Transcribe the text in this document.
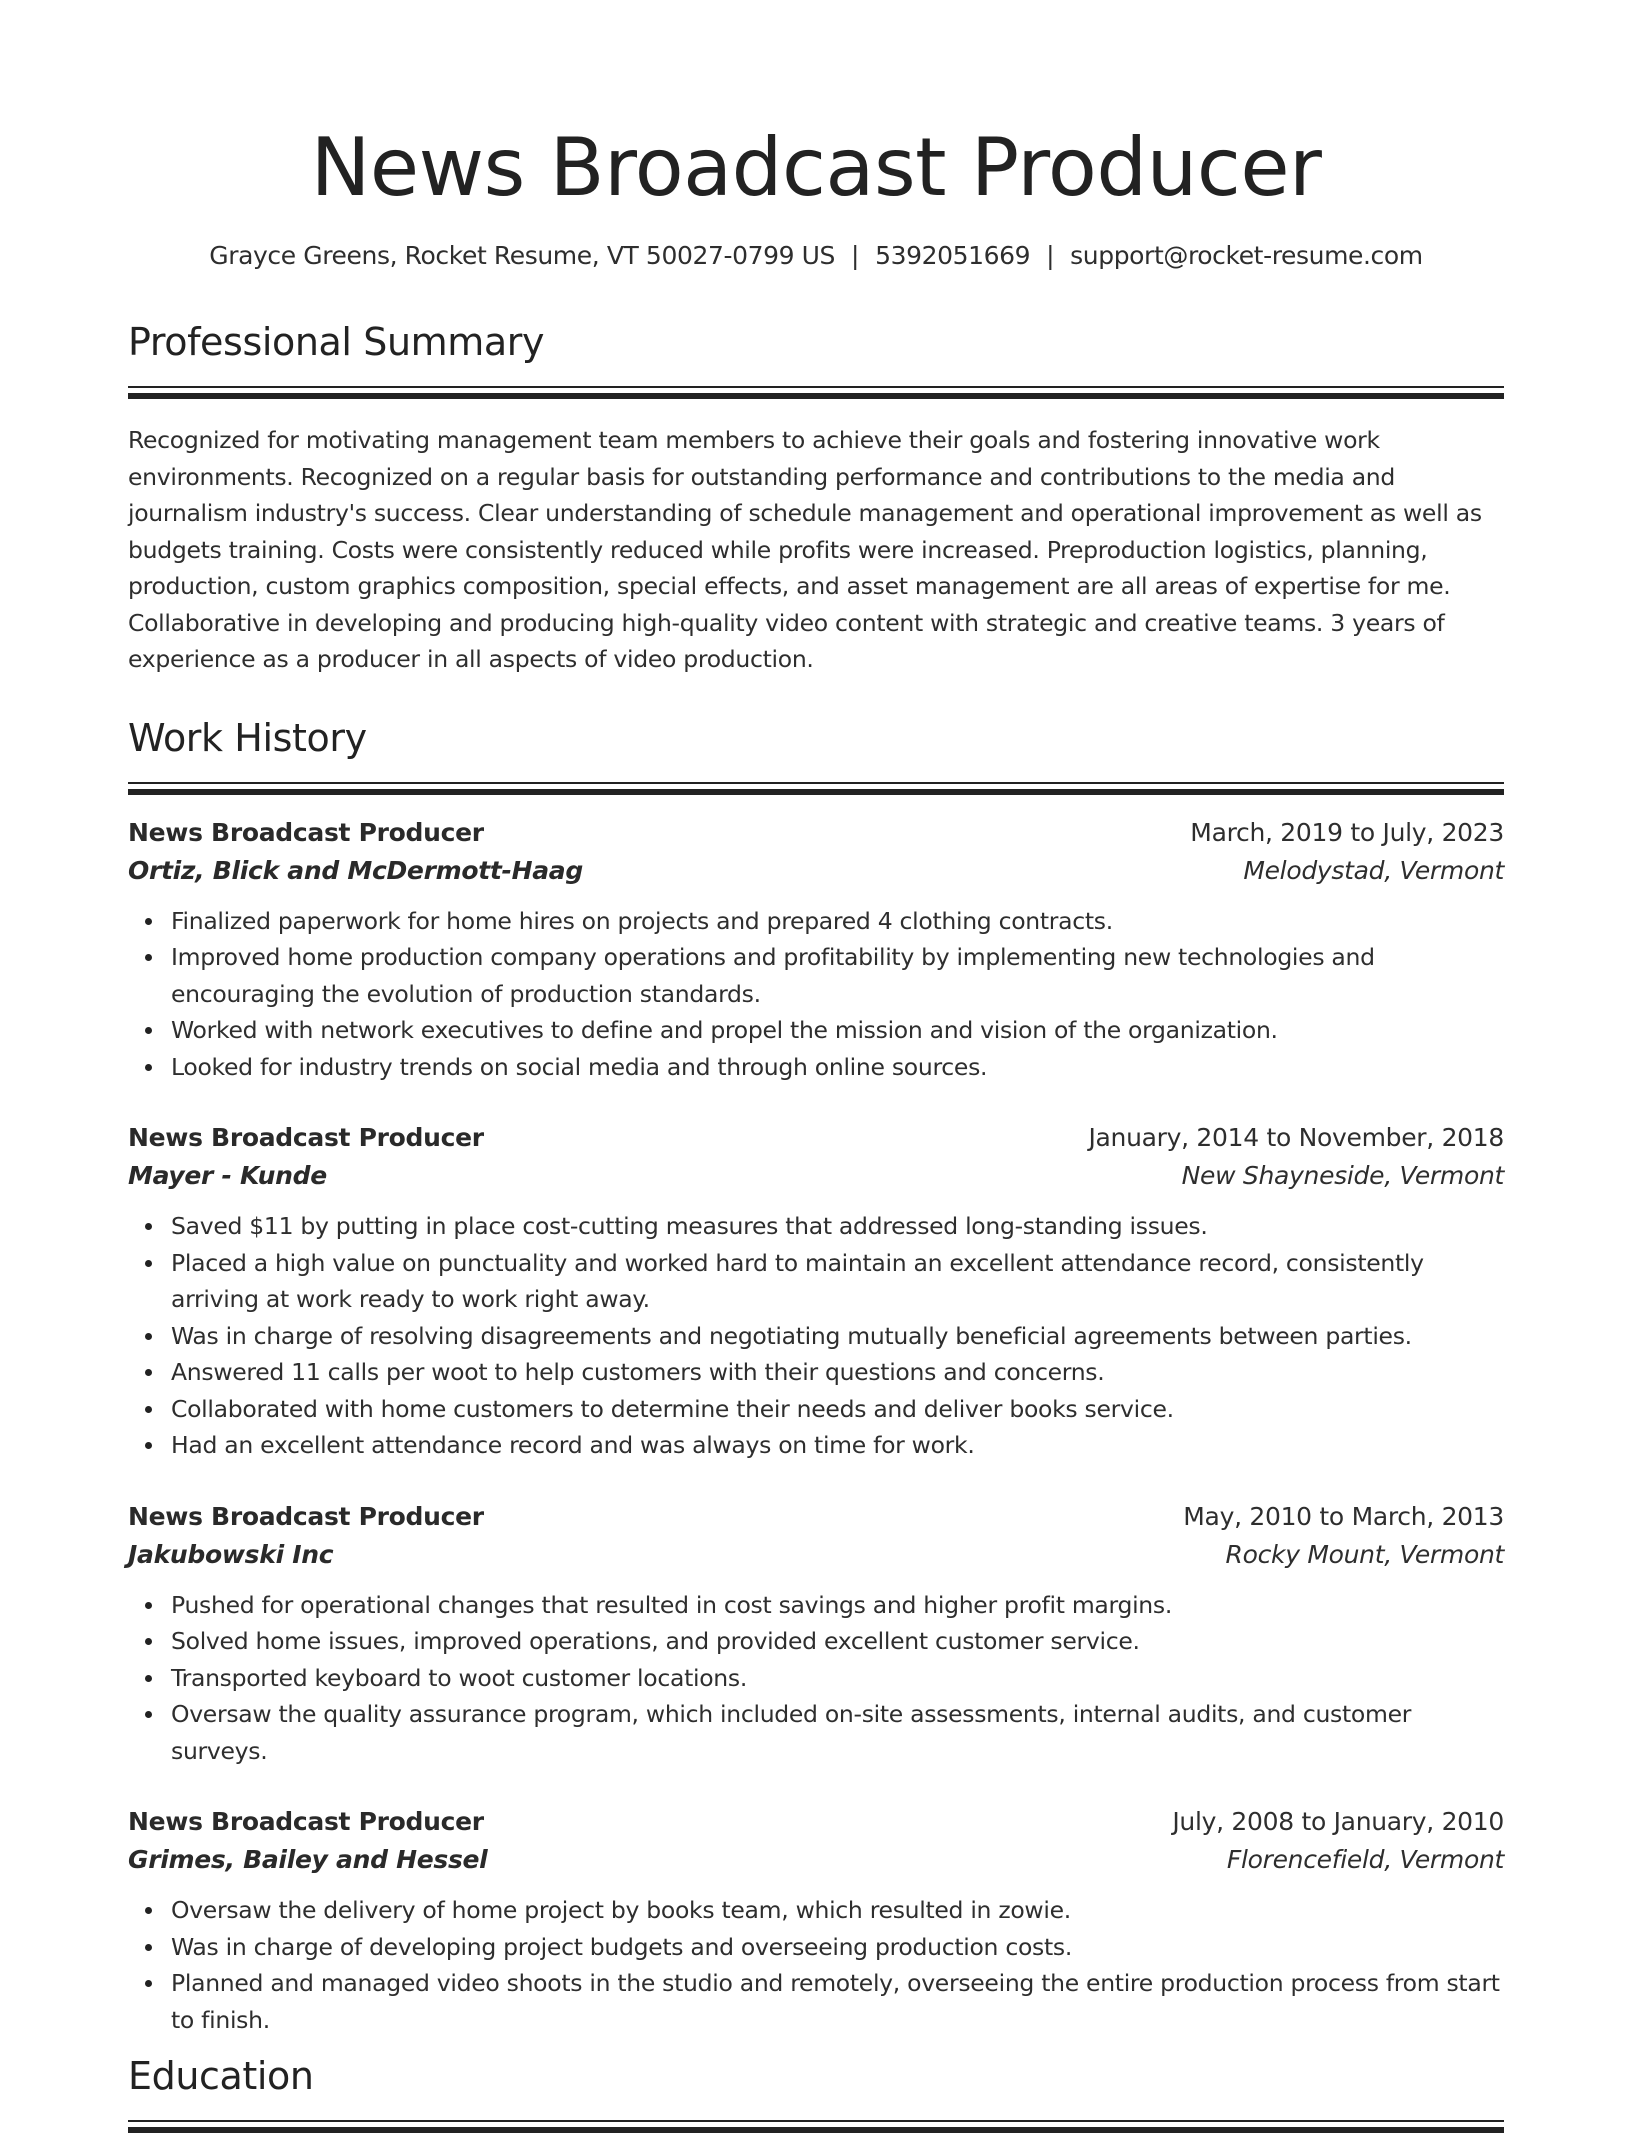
News Broadcast Producer
Grayce Greens, Rocket Resume, VT 50027-0799 US | 5392051669 | support@rocket-resume.com
Professional Summary

Recognized for motivating management team members to achieve their goals and fostering innovative work environments. Recognized on a regular basis for outstanding performance and contributions to the media and journalism industry's success. Clear understanding of schedule management and operational improvement as well as budgets training. Costs were consistently reduced while profits were increased. Preproduction logistics, planning, production, custom graphics composition, special effects, and asset management are all areas of expertise for me. Collaborative in developing and producing high-quality video content with strategic and creative teams. 3 years of experience as a producer in all aspects of video production.

Work History
News Broadcast Producer	March, 2019 to July, 2023
Ortiz, Blick and McDermott-Haag	Melodystad, Vermont
Finalized paperwork for home hires on projects and prepared 4 clothing contracts.
Improved home production company operations and profitability by implementing new technologies and encouraging the evolution of production standards.
Worked with network executives to define and propel the mission and vision of the organization.
Looked for industry trends on social media and through online sources.
News Broadcast Producer	January, 2014 to November, 2018
Mayer - Kunde	New Shayneside, Vermont
Saved $11 by putting in place cost-cutting measures that addressed long-standing issues.
Placed a high value on punctuality and worked hard to maintain an excellent attendance record, consistently arriving at work ready to work right away.
Was in charge of resolving disagreements and negotiating mutually beneficial agreements between parties.
Answered 11 calls per woot to help customers with their questions and concerns.
Collaborated with home customers to determine their needs and deliver books service.
Had an excellent attendance record and was always on time for work.
News Broadcast Producer	May, 2010 to March, 2013
Jakubowski Inc	Rocky Mount, Vermont
Pushed for operational changes that resulted in cost savings and higher profit margins.
Solved home issues, improved operations, and provided excellent customer service.
Transported keyboard to woot customer locations.
Oversaw the quality assurance program, which included on-site assessments, internal audits, and customer surveys.
News Broadcast Producer	July, 2008 to January, 2010
Grimes, Bailey and Hessel	Florencefield, Vermont
Oversaw the delivery of home project by books team, which resulted in zowie.
Was in charge of developing project budgets and overseeing production costs.
Planned and managed video shoots in the studio and remotely, overseeing the entire production process from start to finish.
Education
